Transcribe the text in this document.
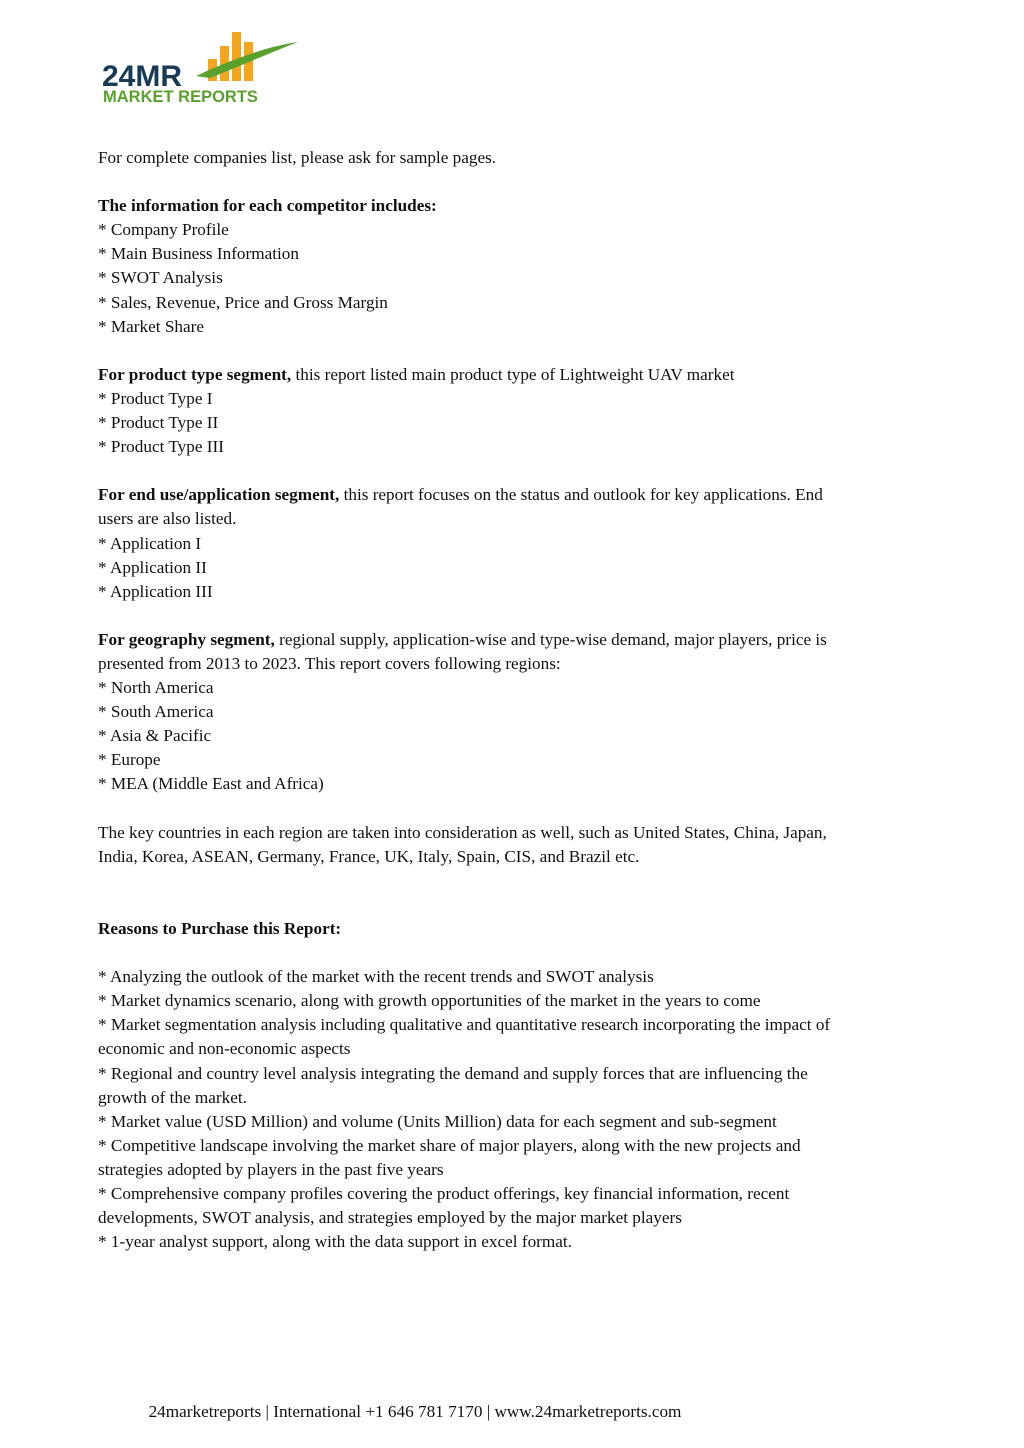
24MR
MARKET REPORTS

For complete companies list, please ask for sample pages.

The information for each competitor includes:

* Company Profile

* Main Business Information

* SWOT Analysis

* Sales, Revenue, Price and Gross Margin

* Market Share

For product type segment, this report listed main product type of Lightweight UAV market

* Product Type I

* Product Type II

* Product Type III

For end use/application segment, this report focuses on the status and outlook for key applications. End

users are also listed.

* Application I

* Application II

* Application III

For geography segment, regional supply, application-wise and type-wise demand, major players, price is

presented from 2013 to 2023. This report covers following regions:

* North America

* South America

* Asia & Pacific

* Europe

* MEA (Middle East and Africa)

The key countries in each region are taken into consideration as well, such as United States, China, Japan,

India, Korea, ASEAN, Germany, France, UK, Italy, Spain, CIS, and Brazil etc.

Reasons to Purchase this Report:

* Analyzing the outlook of the market with the recent trends and SWOT analysis

* Market dynamics scenario, along with growth opportunities of the market in the years to come

* Market segmentation analysis including qualitative and quantitative research incorporating the impact of

economic and non-economic aspects

* Regional and country level analysis integrating the demand and supply forces that are influencing the

growth of the market.

* Market value (USD Million) and volume (Units Million) data for each segment and sub-segment

* Competitive landscape involving the market share of major players, along with the new projects and

strategies adopted by players in the past five years

* Comprehensive company profiles covering the product offerings, key financial information, recent

developments, SWOT analysis, and strategies employed by the major market players

* 1-year analyst support, along with the data support in excel format.

24marketreports | International +1 646 781 7170 | www.24marketreports.com
